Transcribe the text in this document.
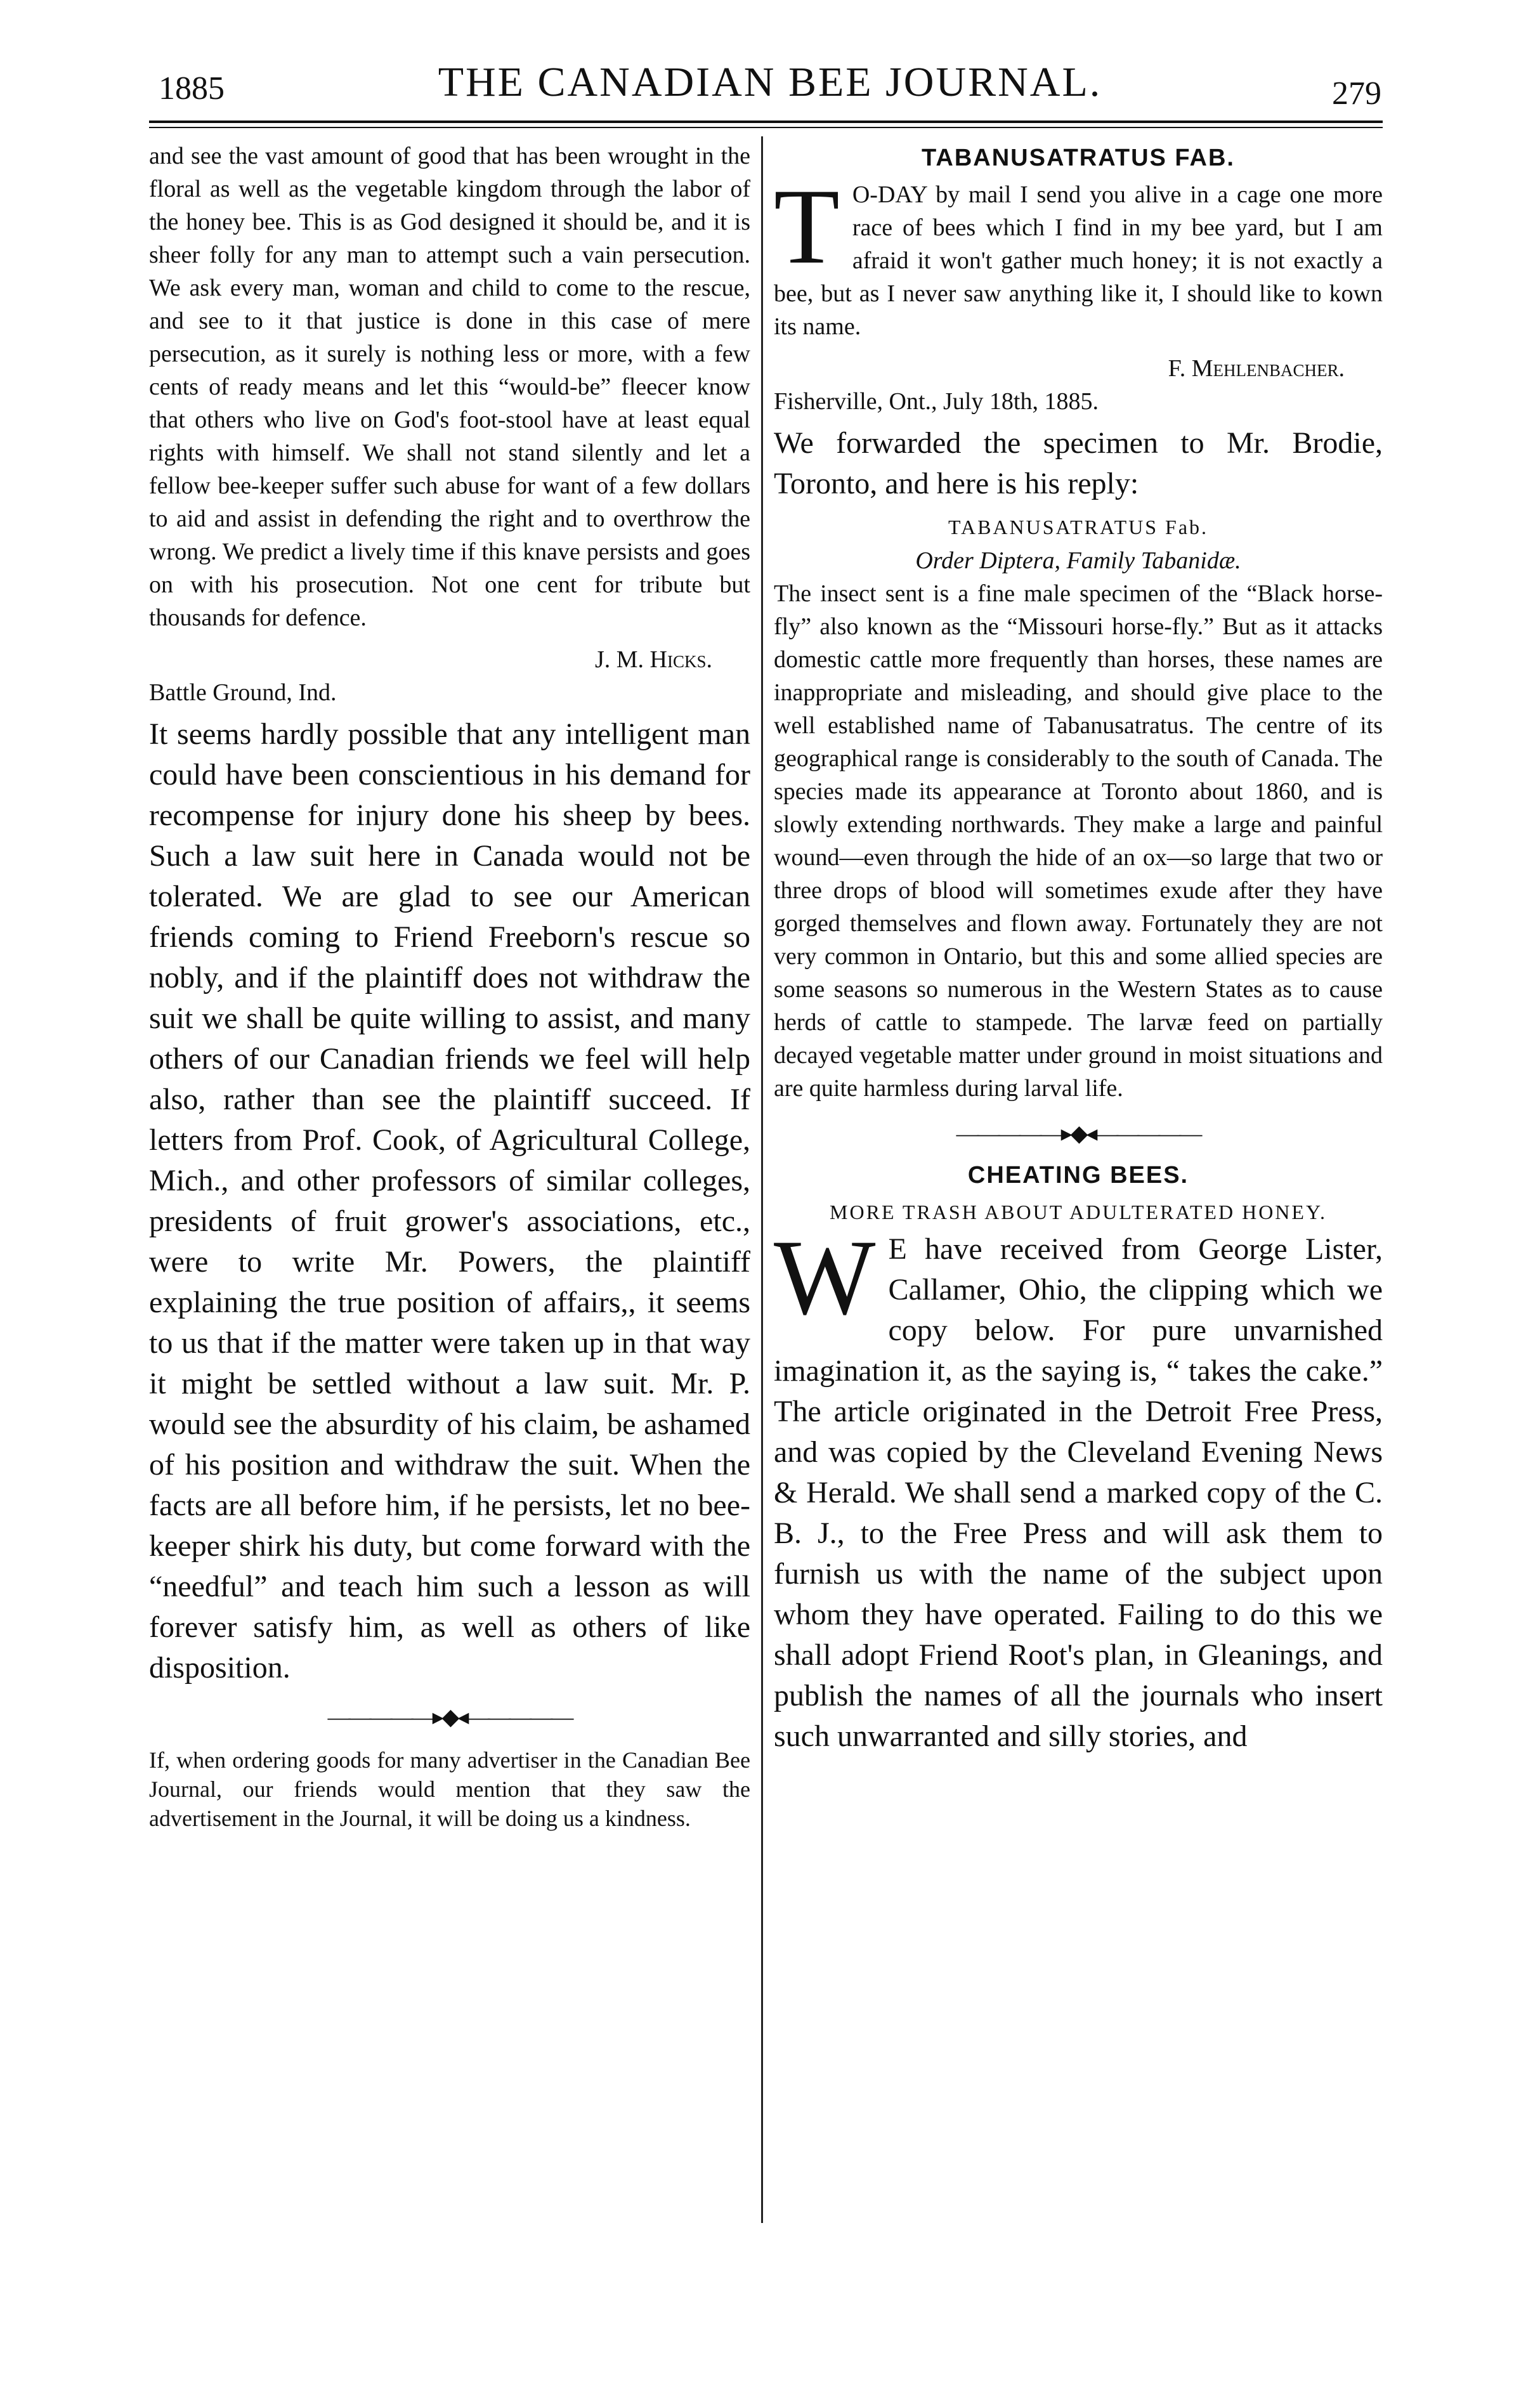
1885	THE CANADIAN BEE JOURNAL.	279

and see the vast amount of good that has been wrought in the floral as well as the vegetable kingdom through the labor of the honey bee. This is as God designed it should be, and it is sheer folly for any man to attempt such a vain persecution. We ask every man, woman and child to come to the rescue, and see to it that justice is done in this case of mere persecution, as it surely is nothing less or more, with a few cents of ready means and let this “would-be” fleecer know that others who live on God's foot-stool have at least equal rights with himself. We shall not stand silently and let a fellow bee-keeper suffer such abuse for want of a few dollars to aid and assist in defending the right and to overthrow the wrong. We predict a lively time if this knave persists and goes on with his prosecution. Not one cent for tribute but thousands for defence.

J. M. Hicks.
Battle Ground, Ind.

It seems hardly possible that any intelligent man could have been conscientious in his demand for recompense for injury done his sheep by bees. Such a law suit here in Canada would not be tolerated. We are glad to see our American friends coming to Friend Freeborn's rescue so nobly, and if the plaintiff does not withdraw the suit we shall be quite willing to assist, and many others of our Canadian friends we feel will help also, rather than see the plaintiff succeed. If letters from Prof. Cook, of Agricultural College, Mich., and other professors of similar colleges, presidents of fruit grower's associations, etc., were to write Mr. Powers, the plaintiff explaining the true position of affairs,, it seems to us that if the matter were taken up in that way it might be settled without a law suit. Mr. P. would see the absurdity of his claim, be ashamed of his position and withdraw the suit. When the facts are all before him, if he persists, let no bee-keeper shirk his duty, but come forward with the “needful” and teach him such a lesson as will forever satisfy him, as well as others of like disposition.

—————▸◆◂—————

If, when ordering goods for many advertiser in the Canadian Bee Journal, our friends would mention that they saw the advertisement in the Journal, it will be doing us a kindness.

TABANUSATRATUS FAB.

T O-DAY by mail I send you alive in a cage one more race of bees which I find in my bee yard, but I am afraid it won't gather much honey; it is not exactly a bee, but as I never saw anything like it, I should like to kown its name.

F. Mehlenbacher.
Fisherville, Ont., July 18th, 1885.

We forwarded the specimen to Mr. Brodie, Toronto, and here is his reply:

TABANUSATRATUS Fab.
Order Diptera, Family Tabanidæ.

The insect sent is a fine male specimen of the “Black horse-fly” also known as the “Missouri horse-fly.” But as it attacks domestic cattle more frequently than horses, these names are inappropriate and misleading, and should give place to the well established name of Tabanusatratus. The centre of its geographical range is considerably to the south of Canada. The species made its appearance at Toronto about 1860, and is slowly extending northwards. They make a large and painful wound—even through the hide of an ox—so large that two or three drops of blood will sometimes exude after they have gorged themselves and flown away. Fortunately they are not very common in Ontario, but this and some allied species are some seasons so numerous in the Western States as to cause herds of cattle to stampede. The larvæ feed on partially decayed vegetable matter under ground in moist situations and are quite harmless during larval life.

—————▸◆◂—————
CHEATING BEES.
MORE TRASH ABOUT ADULTERATED HONEY.

W E have received from George Lister, Callamer, Ohio, the clipping which we copy below. For pure unvarnished imagination it, as the saying is, “ takes the cake.” The article originated in the Detroit Free Press, and was copied by the Cleveland Evening News & Herald. We shall send a marked copy of the C. B. J., to the Free Press and will ask them to furnish us with the name of the subject upon whom they have operated. Failing to do this we shall adopt Friend Root's plan, in Gleanings, and publish the names of all the journals who insert such unwarranted and silly stories, and
